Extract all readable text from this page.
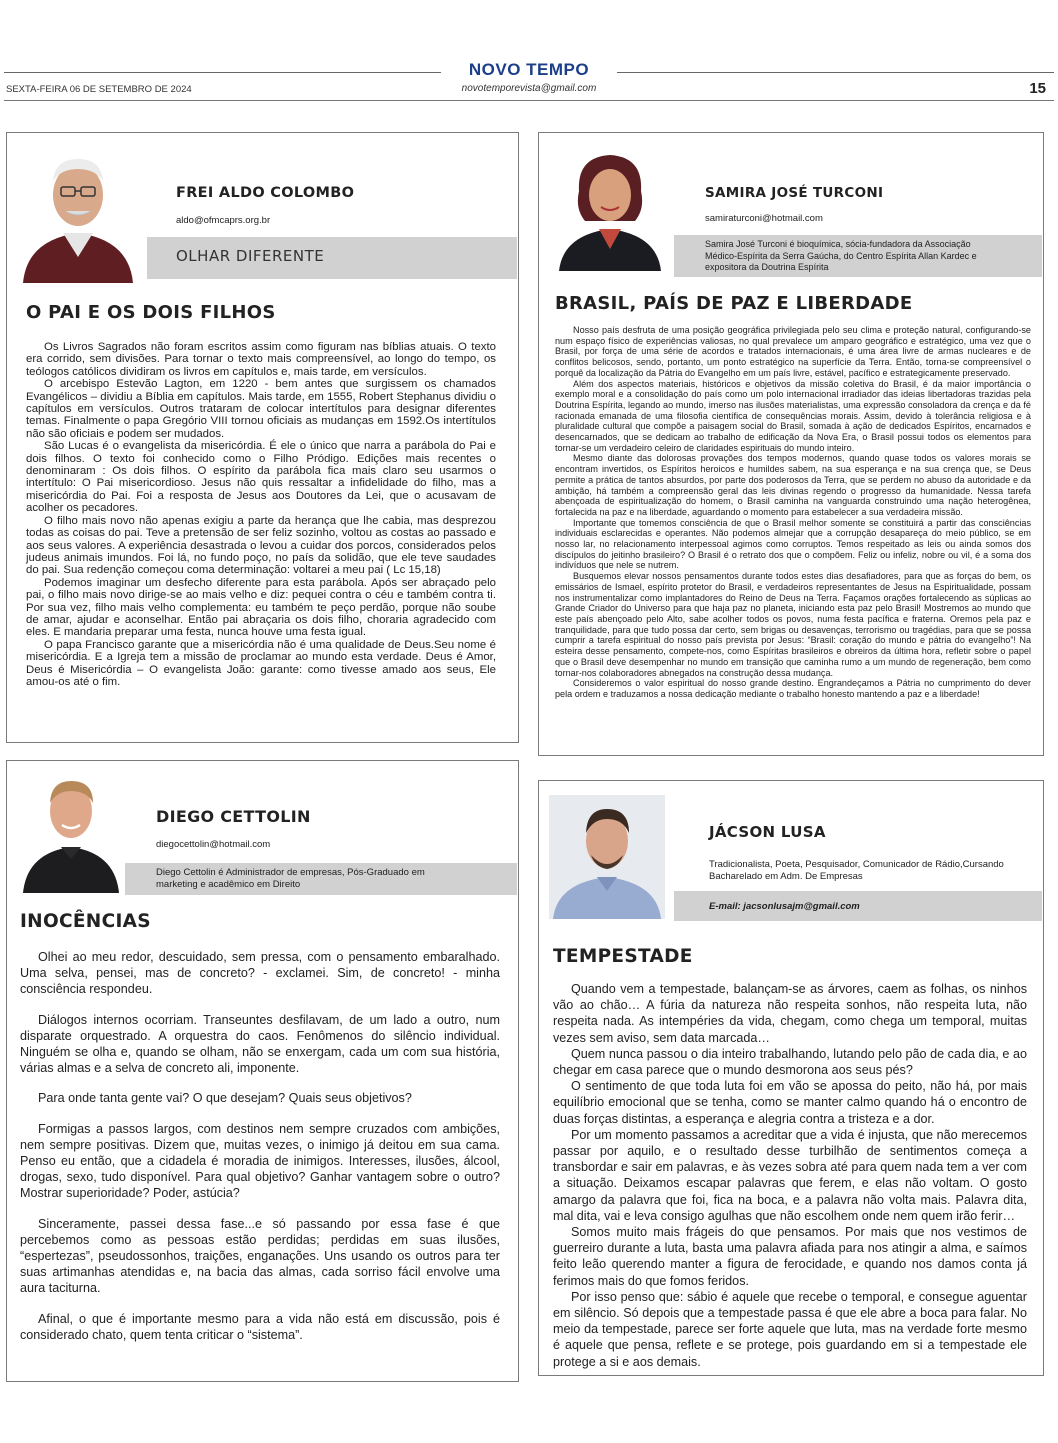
NOVO TEMPO
novotemporevista@gmail.com
SEXTA-FEIRA 06 DE SETEMBRO DE 2024	15
FREI ALDO COLOMBO
aldo@ofmcaprs.org.br
OLHAR DIFERENTE
O PAI E OS DOIS FILHOS

Os Livros Sagrados não foram escritos assim como figuram nas bíblias atuais. O texto era corrido, sem divisões. Para tornar o texto mais compreensível, ao longo do tempo, os teólogos católicos dividiram os livros em capítulos e, mais tarde, em versículos.

O arcebispo Estevão Lagton, em 1220 - bem antes que surgissem os chamados Evangélicos – dividiu a Bíblia em capítulos. Mais tarde, em 1555, Robert Stephanus dividiu o capítulos em versículos. Outros trataram de colocar intertítulos para designar diferentes temas. Finalmente o papa Gregório VIII tornou oficiais as mudanças em 1592.Os intertítulos não são oficiais e podem ser mudados.

São Lucas é o evangelista da misericórdia. É ele o único que narra a parábola do Pai e dois filhos. O texto foi conhecido como o Filho Pródigo. Edições mais recentes o denominaram : Os dois filhos. O espírito da parábola fica mais claro seu usarmos o intertítulo: O Pai misericordioso. Jesus não quis ressaltar a infidelidade do filho, mas a misericórdia do Pai. Foi a resposta de Jesus aos Doutores da Lei, que o acusavam de acolher os pecadores.

O filho mais novo não apenas exigiu a parte da herança que lhe cabia, mas desprezou todas as coisas do pai. Teve a pretensão de ser feliz sozinho, voltou as costas ao passado e aos seus valores. A experiência desastrada o levou a cuidar dos porcos, considerados pelos judeus animais imundos. Foi lá, no fundo poço, no país da solidão, que ele teve saudades do pai. Sua redenção começou coma determinação: voltarei a meu pai ( Lc 15,18)

Podemos imaginar um desfecho diferente para esta parábola. Após ser abraçado pelo pai, o filho mais novo dirige-se ao mais velho e diz: pequei contra o céu e também contra ti. Por sua vez, filho mais velho complementa: eu também te peço perdão, porque não soube de amar, ajudar e aconselhar. Então pai abraçaria os dois filho, choraria agradecido com eles. E mandaria preparar uma festa, nunca houve uma festa igual.

O papa Francisco garante que a misericórdia não é uma qualidade de Deus.Seu nome é misericórdia. E a Igreja tem a missão de proclamar ao mundo esta verdade. Deus é Amor, Deus é Misericórdia – O evangelista João: garante: como tivesse amado aos seus, Ele amou-os até o fim.

SAMIRA JOSÉ TURCONI
samiraturconi@hotmail.com
Samira José Turconi é bioquímica, sócia-fundadora da Associação Médico-Espírita da Serra Gaúcha, do Centro Espírita Allan Kardec e expositora da Doutrina Espírita
BRASIL, PAÍS DE PAZ E LIBERDADE

Nosso país desfruta de uma posição geográfica privilegiada pelo seu clima e proteção natural, configurando-se num espaço físico de experiências valiosas, no qual prevalece um amparo geográfico e estratégico, uma vez que o Brasil, por força de uma série de acordos e tratados internacionais, é uma área livre de armas nucleares e de conflitos belicosos, sendo, portanto, um ponto estratégico na superfície da Terra. Então, torna-se compreensível o porquê da localização da Pátria do Evangelho em um país livre, estável, pacífico e estrategicamente preservado.

Além dos aspectos materiais, históricos e objetivos da missão coletiva do Brasil, é da maior importância o exemplo moral e a consolidação do país como um polo internacional irradiador das ideias libertadoras trazidas pela Doutrina Espírita, legando ao mundo, imerso nas ilusões materialistas, uma expressão consoladora da crença e da fé racionada emanada de uma filosofia científica de consequências morais. Assim, devido à tolerância religiosa e à pluralidade cultural que compõe a paisagem social do Brasil, somada à ação de dedicados Espíritos, encarnados e desencarnados, que se dedicam ao trabalho de edificação da Nova Era, o Brasil possui todos os elementos para tornar-se um verdadeiro celeiro de claridades espirituais do mundo inteiro.

Mesmo diante das dolorosas provações dos tempos modernos, quando quase todos os valores morais se encontram invertidos, os Espíritos heroicos e humildes sabem, na sua esperança e na sua crença que, se Deus permite a prática de tantos absurdos, por parte dos poderosos da Terra, que se perdem no abuso da autoridade e da ambição, há também a compreensão geral das leis divinas regendo o progresso da humanidade. Nessa tarefa abençoada de espiritualização do homem, o Brasil caminha na vanguarda construindo uma nação heterogênea, fortalecida na paz e na liberdade, aguardando o momento para estabelecer a sua verdadeira missão.

Importante que tomemos consciência de que o Brasil melhor somente se constituirá a partir das consciências individuais esclarecidas e operantes. Não podemos almejar que a corrupção desapareça do meio público, se em nosso lar, no relacionamento interpessoal agimos como corruptos. Temos respeitado as leis ou ainda somos dos discípulos do jeitinho brasileiro? O Brasil é o retrato dos que o compõem. Feliz ou infeliz, nobre ou vil, é a soma dos indivíduos que nele se nutrem.

Busquemos elevar nossos pensamentos durante todos estes dias desafiadores, para que as forças do bem, os emissários de Ismael, espírito protetor do Brasil, e verdadeiros representantes de Jesus na Espiritualidade, possam nos instrumentalizar como implantadores do Reino de Deus na Terra. Façamos orações fortalecendo as súplicas ao Grande Criador do Universo para que haja paz no planeta, iniciando esta paz pelo Brasil! Mostremos ao mundo que este país abençoado pelo Alto, sabe acolher todos os povos, numa festa pacífica e fraterna. Oremos pela paz e tranquilidade, para que tudo possa dar certo, sem brigas ou desavenças, terrorismo ou tragédias, para que se possa cumprir a tarefa espiritual do nosso país prevista por Jesus: “Brasil: coração do mundo e pátria do evangelho”! Na esteira desse pensamento, compete-nos, como Espíritas brasileiros e obreiros da última hora, refletir sobre o papel que o Brasil deve desempenhar no mundo em transição que caminha rumo a um mundo de regeneração, bem como tornar-nos colaboradores abnegados na construção dessa mudança.

Consideremos o valor espiritual do nosso grande destino. Engrandeçamos a Pátria no cumprimento do dever pela ordem e traduzamos a nossa dedicação mediante o trabalho honesto mantendo a paz e a liberdade!

DIEGO CETTOLIN
diegocettolin@hotmail.com
Diego Cettolin é Administrador de empresas, Pós-Graduado em marketing e acadêmico em Direito
INOCÊNCIAS

Olhei ao meu redor, descuidado, sem pressa, com o pensamento embaralhado. Uma selva, pensei, mas de concreto? - exclamei. Sim, de concreto! - minha consciência respondeu.

Diálogos internos ocorriam. Transeuntes desfilavam, de um lado a outro, num disparate orquestrado. A orquestra do caos. Fenômenos do silêncio individual. Ninguém se olha e, quando se olham, não se enxergam, cada um com sua história, várias almas e a selva de concreto ali, imponente.

Para onde tanta gente vai? O que desejam? Quais seus objetivos?

Formigas a passos largos, com destinos nem sempre cruzados com ambições, nem sempre positivas. Dizem que, muitas vezes, o inimigo já deitou em sua cama. Penso eu então, que a cidadela é moradia de inimigos. Interesses, ilusões, álcool, drogas, sexo, tudo disponível. Para qual objetivo? Ganhar vantagem sobre o outro? Mostrar superioridade? Poder, astúcia?

Sinceramente, passei dessa fase...e só passando por essa fase é que percebemos como as pessoas estão perdidas; perdidas em suas ilusões, “espertezas”, pseudossonhos, traições, enganações. Uns usando os outros para ter suas artimanhas atendidas e, na bacia das almas, cada sorriso fácil envolve uma aura taciturna.

Afinal, o que é importante mesmo para a vida não está em discussão, pois é considerado chato, quem tenta criticar o “sistema”.

JÁCSON LUSA
Tradicionalista, Poeta, Pesquisador, Comunicador de Rádio,Cursando Bacharelado em Adm. De Empresas
E-mail: jacsonlusajm@gmail.com
TEMPESTADE

Quando vem a tempestade, balançam-se as árvores, caem as folhas, os ninhos vão ao chão… A fúria da natureza não respeita sonhos, não respeita luta, não respeita nada. As intempéries da vida, chegam, como chega um temporal, muitas vezes sem aviso, sem data marcada…

Quem nunca passou o dia inteiro trabalhando, lutando pelo pão de cada dia, e ao chegar em casa parece que o mundo desmorona aos seus pés?

O sentimento de que toda luta foi em vão se apossa do peito, não há, por mais equilíbrio emocional que se tenha, como se manter calmo quando há o encontro de duas forças distintas, a esperança e alegria contra a tristeza e a dor.

Por um momento passamos a acreditar que a vida é injusta, que não merecemos passar por aquilo, e o resultado desse turbilhão de sentimentos começa a transbordar e sair em palavras, e às vezes sobra até para quem nada tem a ver com a situação. Deixamos escapar palavras que ferem, e elas não voltam. O gosto amargo da palavra que foi, fica na boca, e a palavra não volta mais. Palavra dita, mal dita, vai e leva consigo agulhas que não escolhem onde nem quem irão ferir…

Somos muito mais frágeis do que pensamos. Por mais que nos vestimos de guerreiro durante a luta, basta uma palavra afiada para nos atingir a alma, e saímos feito leão querendo manter a figura de ferocidade, e quando nos damos conta já ferimos mais do que fomos feridos.

Por isso penso que: sábio é aquele que recebe o temporal, e consegue aguentar em silêncio. Só depois que a tempestade passa é que ele abre a boca para falar. No meio da tempestade, parece ser forte aquele que luta, mas na verdade forte mesmo é aquele que pensa, reflete e se protege, pois guardando em si a tempestade ele protege a si e aos demais.
